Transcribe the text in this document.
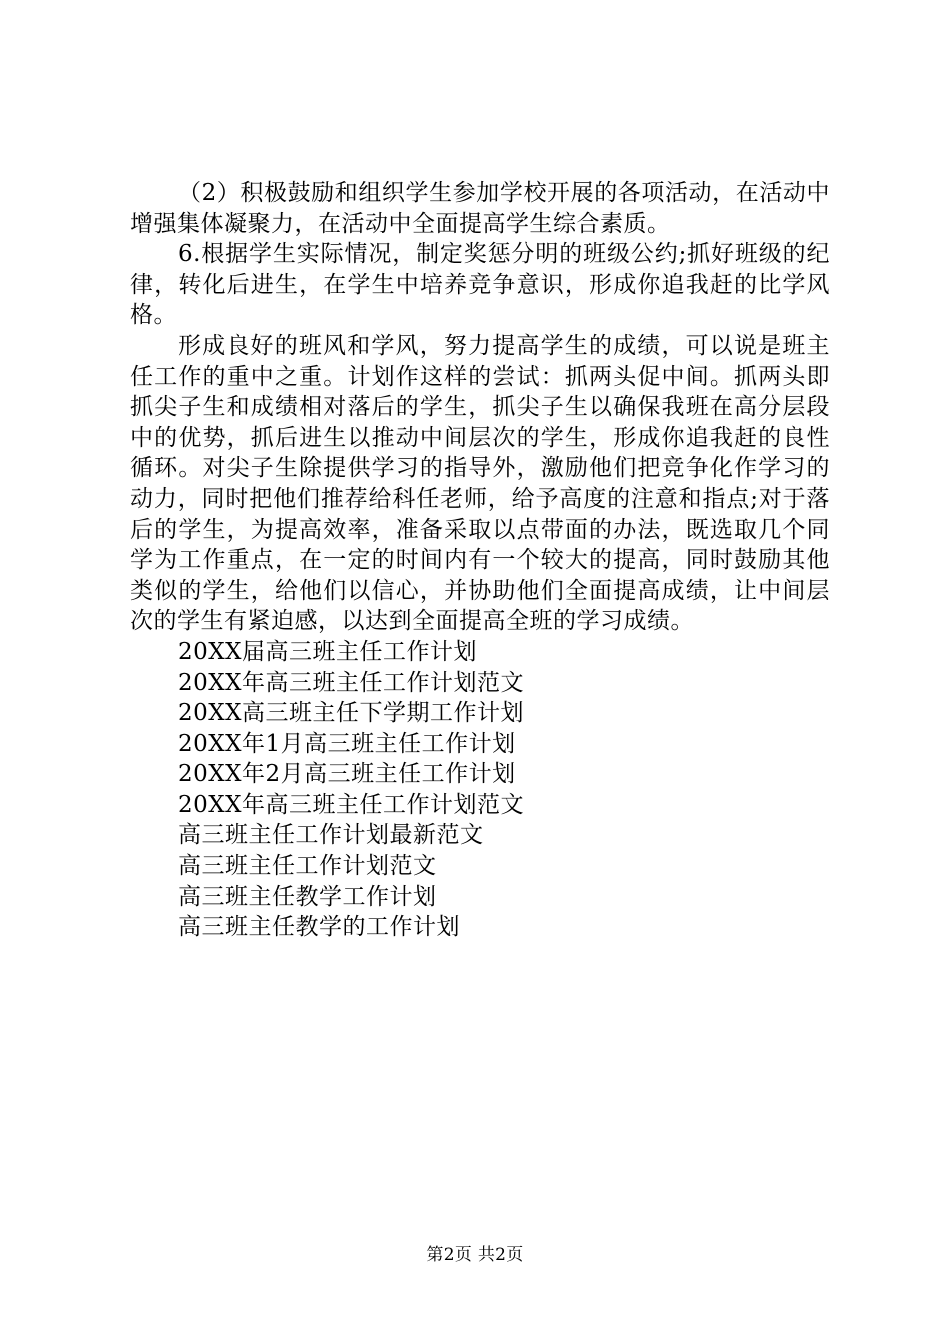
（2）积极鼓励和组织学生参加学校开展的各项活动，在活动中增强集体凝聚力，在活动中全面提高学生综合素质。

6.根据学生实际情况，制定奖惩分明的班级公约;抓好班级的纪律，转化后进生，在学生中培养竞争意识，形成你追我赶的比学风格。

形成良好的班风和学风，努力提高学生的成绩，可以说是班主任工作的重中之重。计划作这样的尝试：抓两头促中间。抓两头即抓尖子生和成绩相对落后的学生，抓尖子生以确保我班在高分层段中的优势，抓后进生以推动中间层次的学生，形成你追我赶的良性循环。对尖子生除提供学习的指导外，激励他们把竞争化作学习的动力，同时把他们推荐给科任老师，给予高度的注意和指点;对于落后的学生，为提高效率，准备采取以点带面的办法，既选取几个同学为工作重点，在一定的时间内有一个较大的提高，同时鼓励其他类似的学生，给他们以信心，并协助他们全面提高成绩，让中间层次的学生有紧迫感，以达到全面提高全班的学习成绩。

20XX届高三班主任工作计划
20XX年高三班主任工作计划范文
20XX高三班主任下学期工作计划
20XX年1月高三班主任工作计划
20XX年2月高三班主任工作计划
20XX年高三班主任工作计划范文
高三班主任工作计划最新范文
高三班主任工作计划范文
高三班主任教学工作计划
高三班主任教学的工作计划
第2页 共2页
